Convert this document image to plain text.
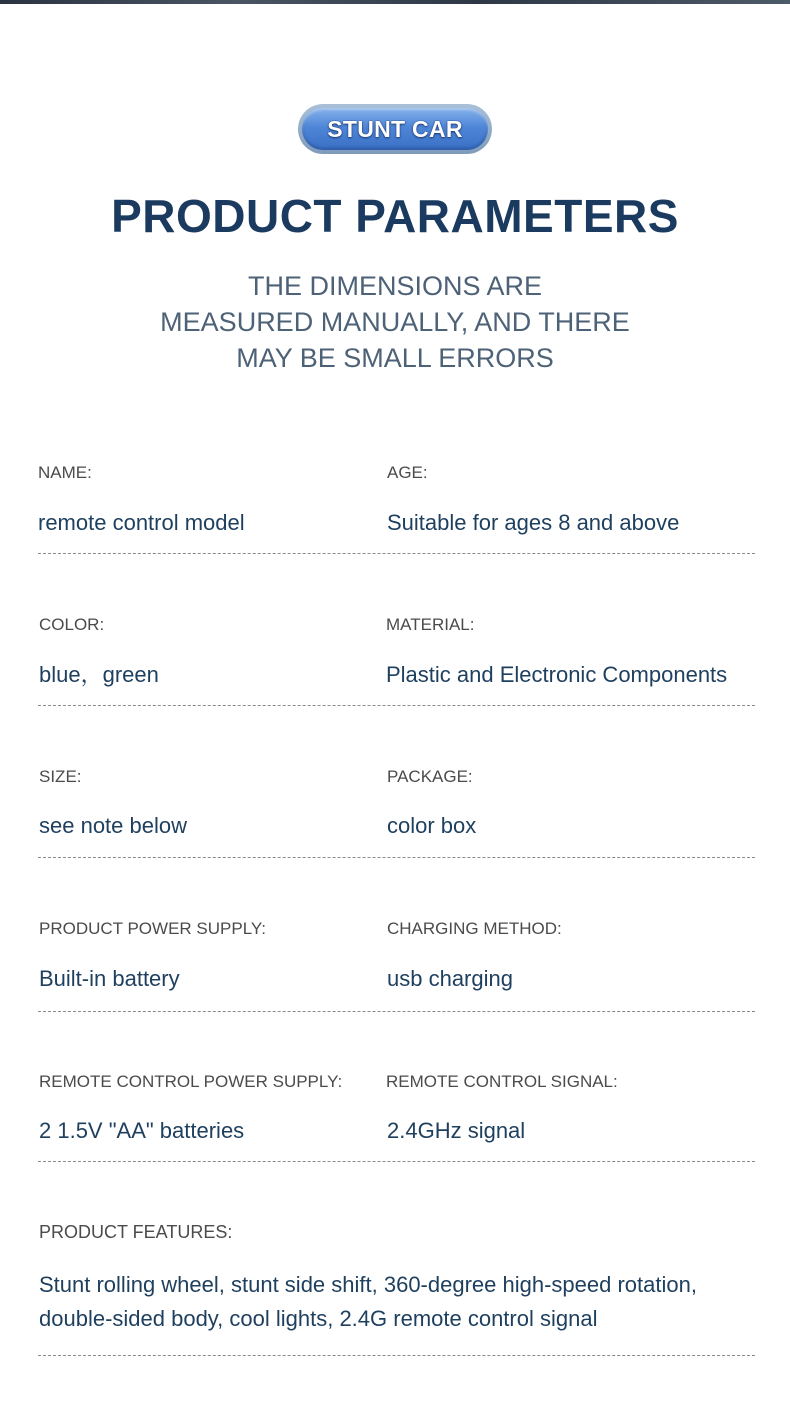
STUNT CAR
PRODUCT PARAMETERS
THE DIMENSIONS ARE
MEASURED MANUALLY, AND THERE
MAY BE SMALL ERRORS
NAME:
remote control model
AGE:
Suitable for ages 8 and above
COLOR:
blue，green
MATERIAL:
Plastic and Electronic Components
SIZE:
see note below
PACKAGE:
color box
PRODUCT POWER SUPPLY:
Built-in battery
CHARGING METHOD:
usb charging
REMOTE CONTROL POWER SUPPLY:
2 1.5V "AA" batteries
REMOTE CONTROL SIGNAL:
2.4GHz signal
PRODUCT FEATURES:
Stunt rolling wheel, stunt side shift, 360-degree high-speed rotation,
double-sided body, cool lights, 2.4G remote control signal
